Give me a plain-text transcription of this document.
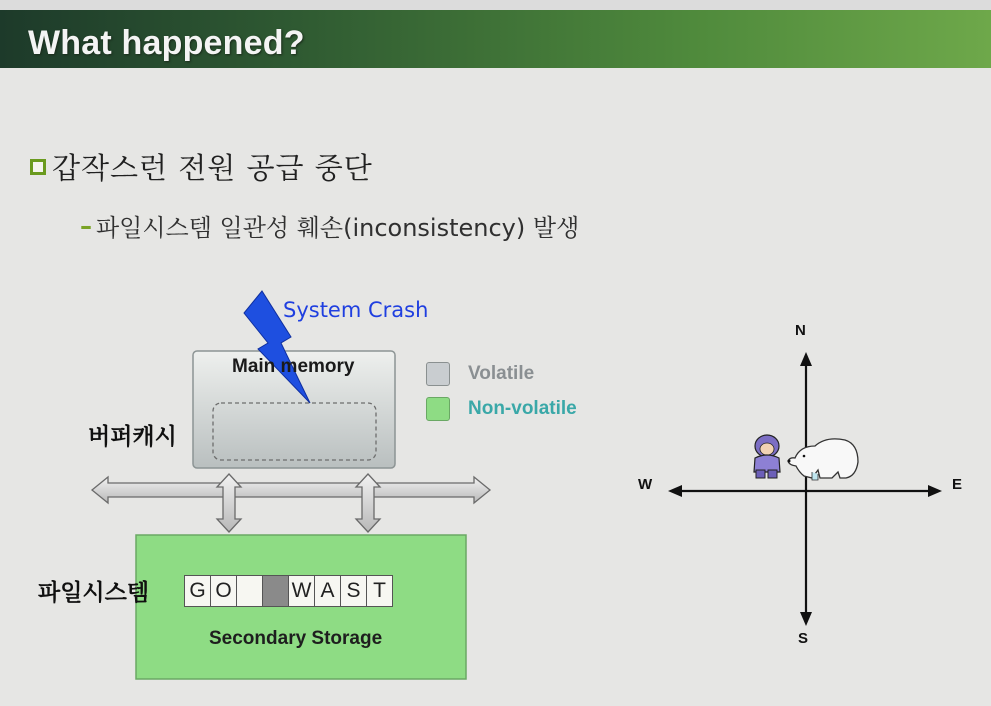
What happened?
갑작스런 전원 공급 중단
– 파일시스템 일관성 훼손(inconsistency) 발생
System Crash
Main memory
버퍼캐시
파일시스템
Secondary Storage
G O	W A S T
Volatile
Non-volatile
N
S
W	E
